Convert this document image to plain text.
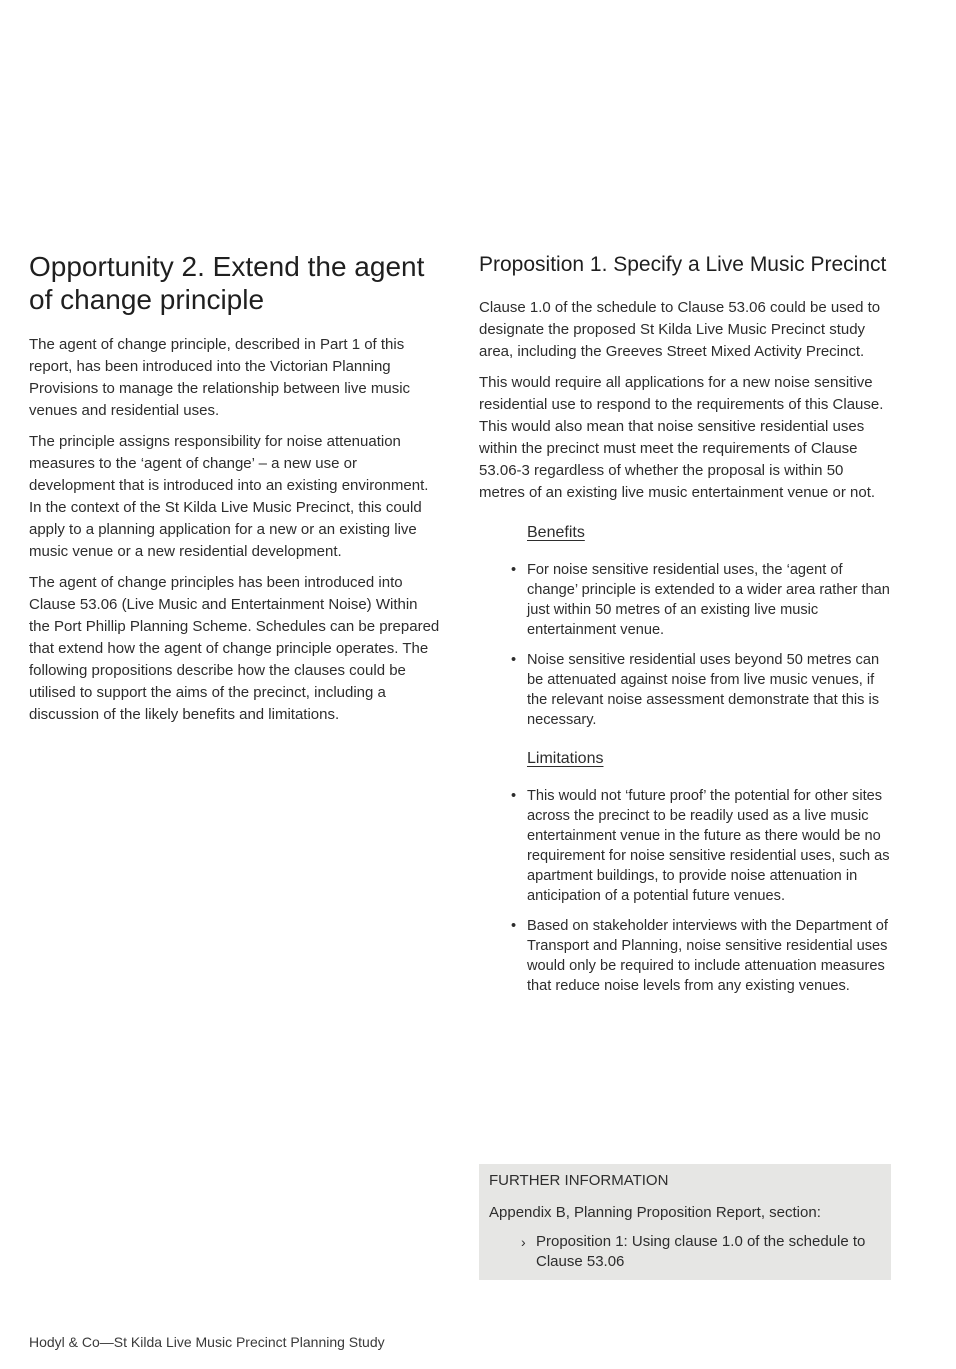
Opportunity 2. Extend the agent of change principle

The agent of change principle, described in Part 1 of this report, has been introduced into the Victorian Planning Provisions to manage the relationship between live music venues and residential uses.

The principle assigns responsibility for noise attenuation measures to the ‘agent of change’ – a new use or development that is introduced into an existing environment. In the context of the St Kilda Live Music Precinct, this could apply to a planning application for a new or an existing live music venue or a new residential development.

The agent of change principles has been introduced into Clause 53.06 (Live Music and Entertainment Noise) Within the Port Phillip Planning Scheme. Schedules can be prepared that extend how the agent of change principle operates. The following propositions describe how the clauses could be utilised to support the aims of the precinct, including a discussion of the likely benefits and limitations.

Proposition 1. Specify a Live Music Precinct

Clause 1.0 of the schedule to Clause 53.06 could be used to designate the proposed St Kilda Live Music Precinct study area, including the Greeves Street Mixed Activity Precinct.

This would require all applications for a new noise sensitive residential use to respond to the requirements of this Clause. This would also mean that noise sensitive residential uses within the precinct must meet the requirements of Clause 53.06-3 regardless of whether the proposal is within 50 metres of an existing live music entertainment venue or not.

Benefits
• For noise sensitive residential uses, the ‘agent of change’ principle is extended to a wider area rather than just within 50 metres of an existing live music entertainment venue.
• Noise sensitive residential uses beyond 50 metres can be attenuated against noise from live music venues, if the relevant noise assessment demonstrate that this is necessary.
Limitations
• This would not ‘future proof’ the potential for other sites across the precinct to be readily used as a live music entertainment venue in the future as there would be no requirement for noise sensitive residential uses, such as apartment buildings, to provide noise attenuation in anticipation of a potential future venues.
• Based on stakeholder interviews with the Department of Transport and Planning, noise sensitive residential uses would only be required to include attenuation measures that reduce noise levels from any existing venues.
FURTHER INFORMATION
Appendix B, Planning Proposition Report, section:
› Proposition 1: Using clause 1.0 of the schedule to Clause 53.06
Hodyl & Co—St Kilda Live Music Precinct Planning Study
